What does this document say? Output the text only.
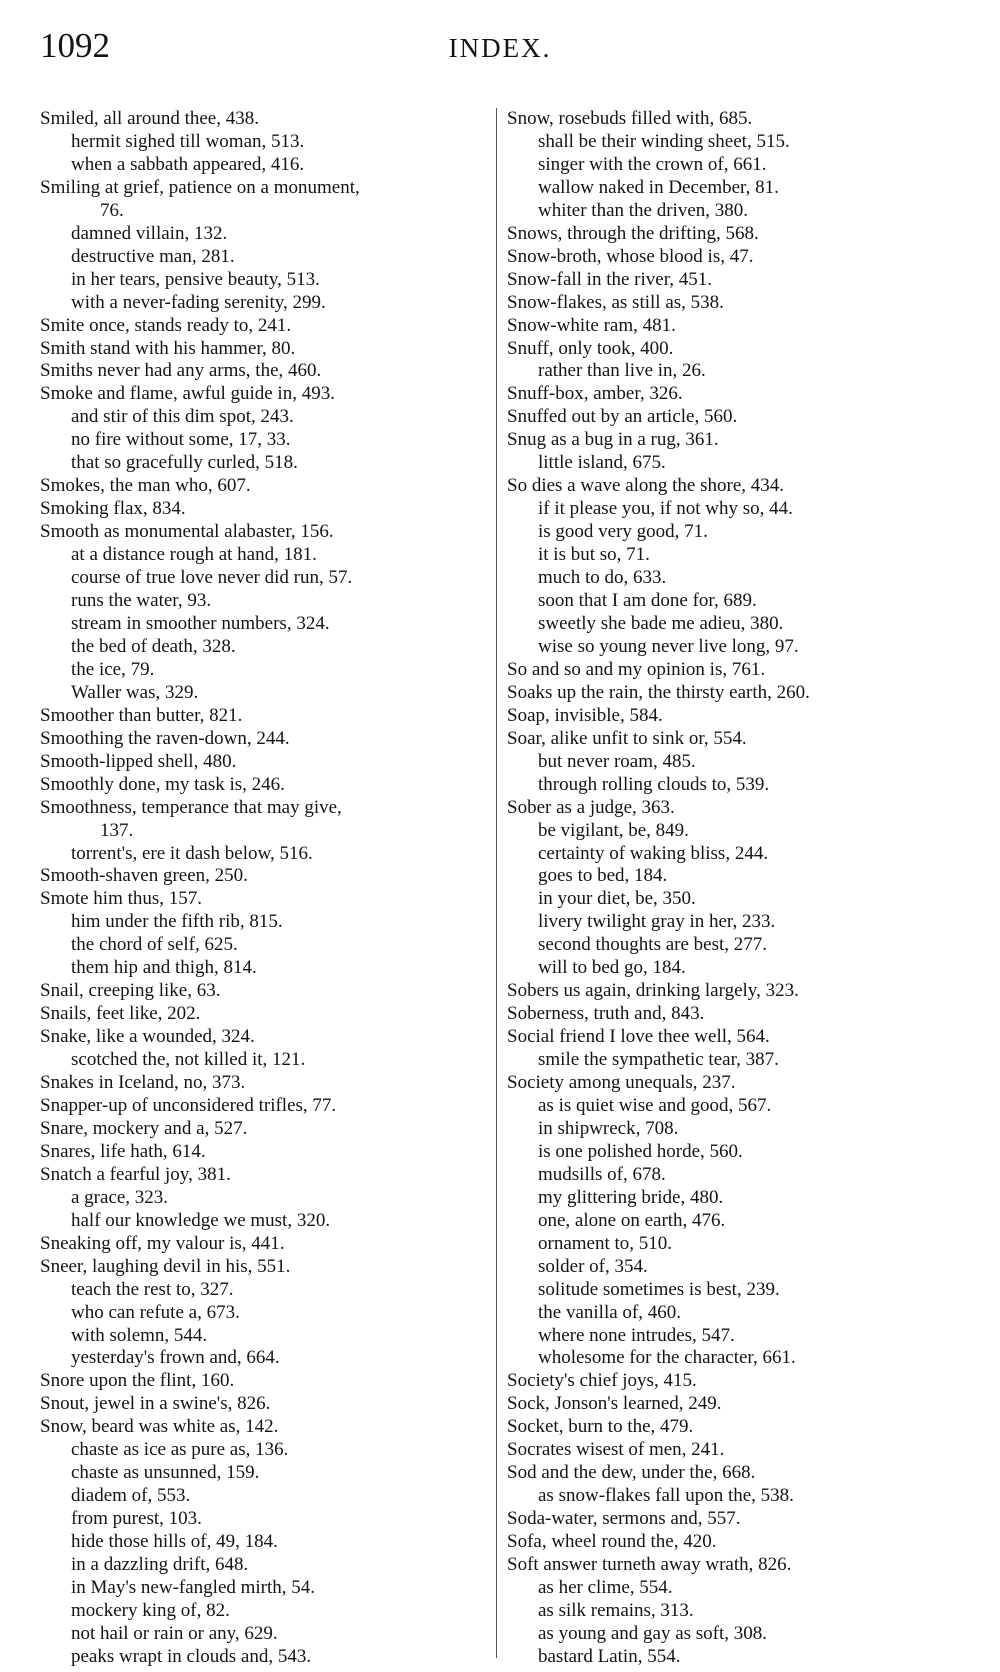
1092	INDEX.
Smiled, all around thee, 438.
hermit sighed till woman, 513.
when a sabbath appeared, 416.
Smiling at grief, patience on a monument,
76.
damned villain, 132.
destructive man, 281.
in her tears, pensive beauty, 513.
with a never-fading serenity, 299.
Smite once, stands ready to, 241.
Smith stand with his hammer, 80.
Smiths never had any arms, the, 460.
Smoke and flame, awful guide in, 493.
and stir of this dim spot, 243.
no fire without some, 17, 33.
that so gracefully curled, 518.
Smokes, the man who, 607.
Smoking flax, 834.
Smooth as monumental alabaster, 156.
at a distance rough at hand, 181.
course of true love never did run, 57.
runs the water, 93.
stream in smoother numbers, 324.
the bed of death, 328.
the ice, 79.
Waller was, 329.
Smoother than butter, 821.
Smoothing the raven-down, 244.
Smooth-lipped shell, 480.
Smoothly done, my task is, 246.
Smoothness, temperance that may give,
137.
torrent's, ere it dash below, 516.
Smooth-shaven green, 250.
Smote him thus, 157.
him under the fifth rib, 815.
the chord of self, 625.
them hip and thigh, 814.
Snail, creeping like, 63.
Snails, feet like, 202.
Snake, like a wounded, 324.
scotched the, not killed it, 121.
Snakes in Iceland, no, 373.
Snapper-up of unconsidered trifles, 77.
Snare, mockery and a, 527.
Snares, life hath, 614.
Snatch a fearful joy, 381.
a grace, 323.
half our knowledge we must, 320.
Sneaking off, my valour is, 441.
Sneer, laughing devil in his, 551.
teach the rest to, 327.
who can refute a, 673.
with solemn, 544.
yesterday's frown and, 664.
Snore upon the flint, 160.
Snout, jewel in a swine's, 826.
Snow, beard was white as, 142.
chaste as ice as pure as, 136.
chaste as unsunned, 159.
diadem of, 553.
from purest, 103.
hide those hills of, 49, 184.
in a dazzling drift, 648.
in May's new-fangled mirth, 54.
mockery king of, 82.
not hail or rain or any, 629.
peaks wrapt in clouds and, 543.
Snow, rosebuds filled with, 685.
shall be their winding sheet, 515.
singer with the crown of, 661.
wallow naked in December, 81.
whiter than the driven, 380.
Snows, through the drifting, 568.
Snow-broth, whose blood is, 47.
Snow-fall in the river, 451.
Snow-flakes, as still as, 538.
Snow-white ram, 481.
Snuff, only took, 400.
rather than live in, 26.
Snuff-box, amber, 326.
Snuffed out by an article, 560.
Snug as a bug in a rug, 361.
little island, 675.
So dies a wave along the shore, 434.
if it please you, if not why so, 44.
is good very good, 71.
it is but so, 71.
much to do, 633.
soon that I am done for, 689.
sweetly she bade me adieu, 380.
wise so young never live long, 97.
So and so and my opinion is, 761.
Soaks up the rain, the thirsty earth, 260.
Soap, invisible, 584.
Soar, alike unfit to sink or, 554.
but never roam, 485.
through rolling clouds to, 539.
Sober as a judge, 363.
be vigilant, be, 849.
certainty of waking bliss, 244.
goes to bed, 184.
in your diet, be, 350.
livery twilight gray in her, 233.
second thoughts are best, 277.
will to bed go, 184.
Sobers us again, drinking largely, 323.
Soberness, truth and, 843.
Social friend I love thee well, 564.
smile the sympathetic tear, 387.
Society among unequals, 237.
as is quiet wise and good, 567.
in shipwreck, 708.
is one polished horde, 560.
mudsills of, 678.
my glittering bride, 480.
one, alone on earth, 476.
ornament to, 510.
solder of, 354.
solitude sometimes is best, 239.
the vanilla of, 460.
where none intrudes, 547.
wholesome for the character, 661.
Society's chief joys, 415.
Sock, Jonson's learned, 249.
Socket, burn to the, 479.
Socrates wisest of men, 241.
Sod and the dew, under the, 668.
as snow-flakes fall upon the, 538.
Soda-water, sermons and, 557.
Sofa, wheel round the, 420.
Soft answer turneth away wrath, 826.
as her clime, 554.
as silk remains, 313.
as young and gay as soft, 308.
bastard Latin, 554.
